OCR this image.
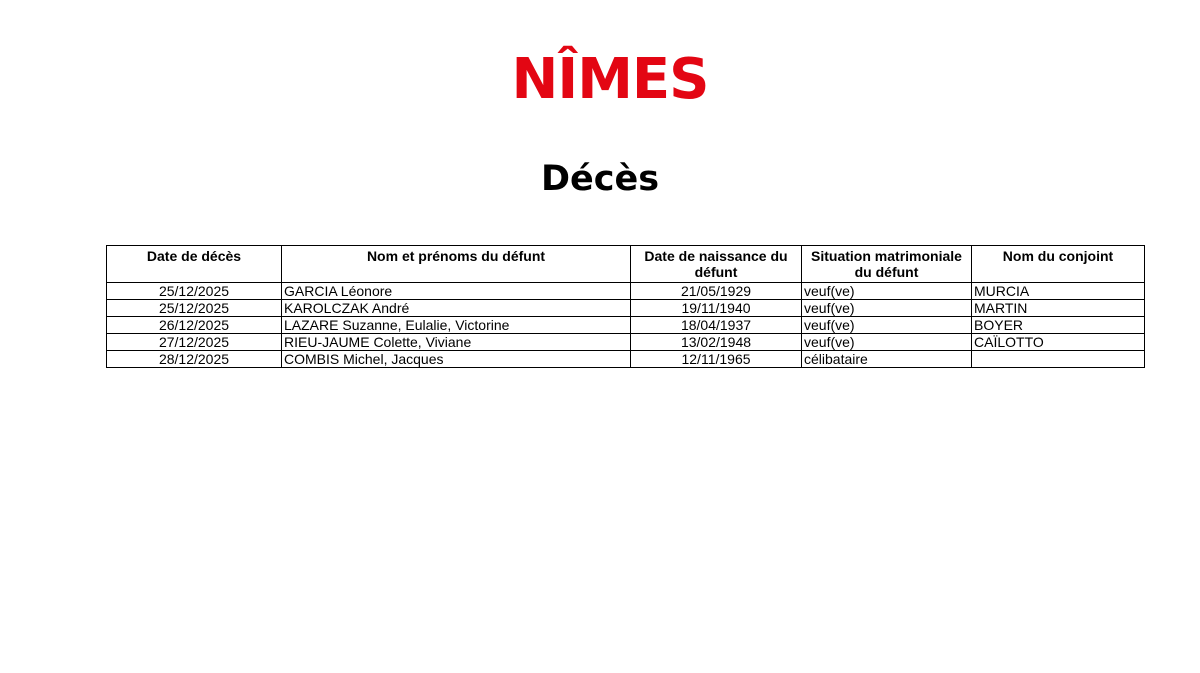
NÎMES
Décès
Date de décès	Nom et prénoms du défunt	Date de naissance du défunt	Situation matrimoniale du défunt	Nom du conjoint
25/12/2025	GARCIA Léonore	21/05/1929	veuf(ve)	MURCIA
25/12/2025	KAROLCZAK André	19/11/1940	veuf(ve)	MARTIN
26/12/2025	LAZARE Suzanne, Eulalie, Victorine	18/04/1937	veuf(ve)	BOYER
27/12/2025	RIEU-JAUME Colette, Viviane	13/02/1948	veuf(ve)	CAÏLOTTO
28/12/2025	COMBIS Michel, Jacques	12/11/1965	célibataire	
